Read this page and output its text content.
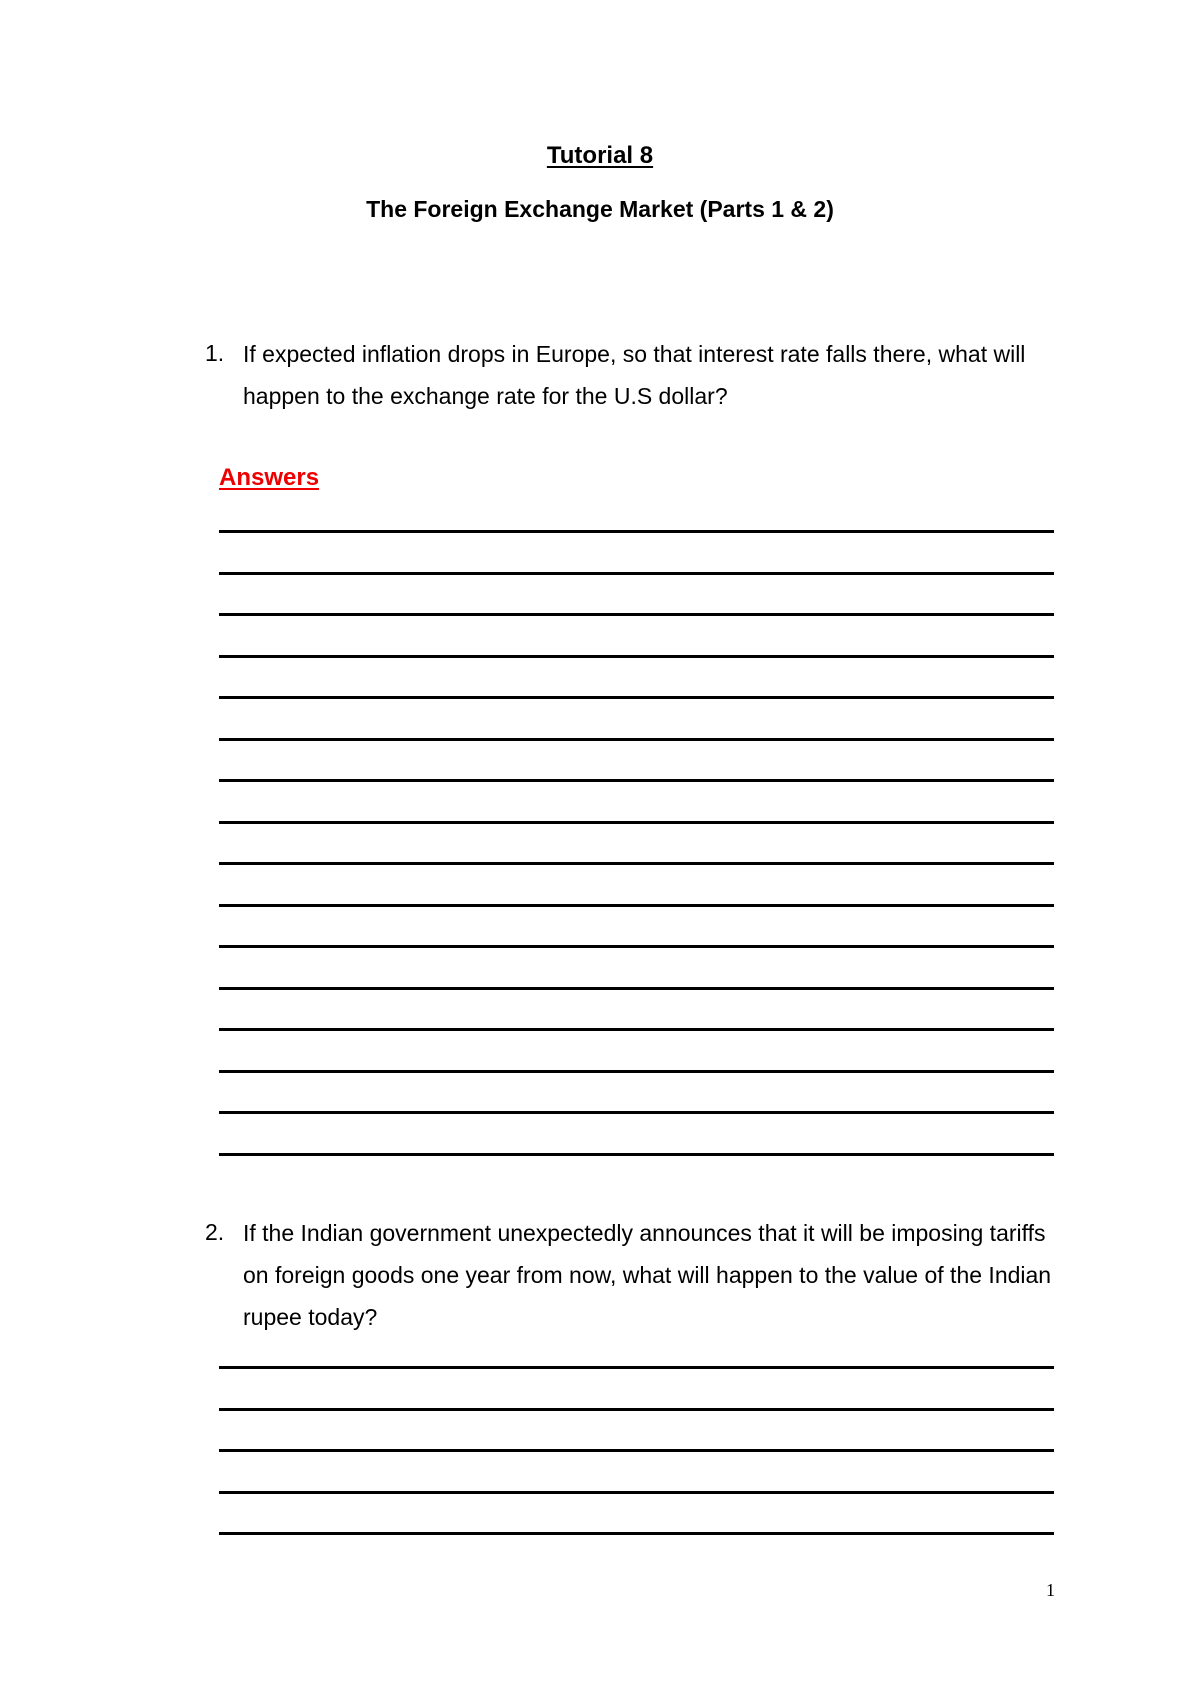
Tutorial 8
The Foreign Exchange Market (Parts 1 & 2)
1. If expected inflation drops in Europe, so that interest rate falls there, what will happen to the exchange rate for the U.S dollar?
Answers
2. If the Indian government unexpectedly announces that it will be imposing tariffs on foreign goods one year from now, what will happen to the value of the Indian rupee today?
1
